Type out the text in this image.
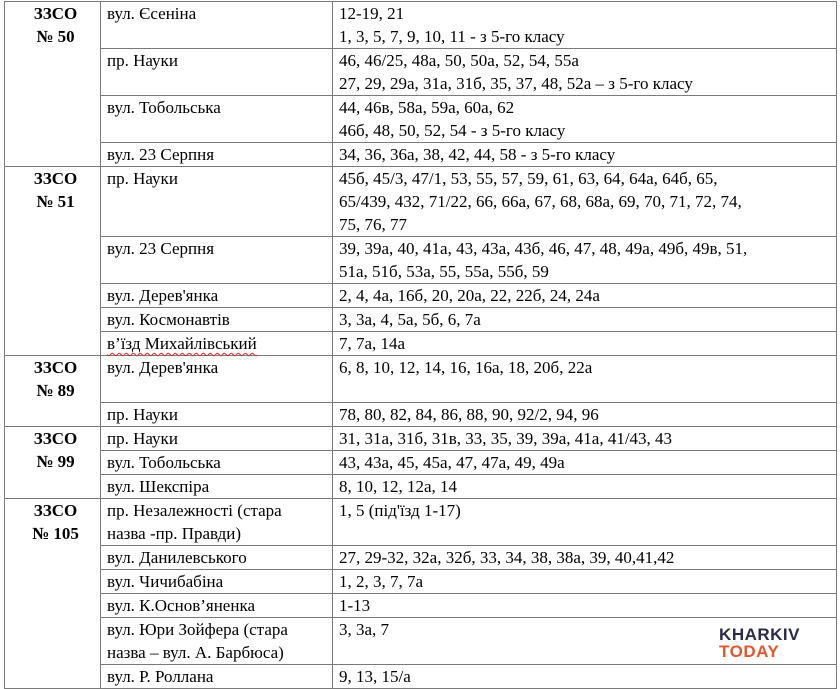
ЗЗСО
№ 50	вул. Єсеніна	12-19, 21
1, 3, 5, 7, 9, 10, 11 - з 5-го класу

	пр. Науки	46, 46/25, 48а, 50, 50а, 52, 54, 55а
27, 29, 29а, 31а, 31б, 35, 37, 48, 52а – з 5-го класу

	вул. Тобольська	44, 46в, 58а, 59а, 60а, 62
46б, 48, 50, 52, 54 - з 5-го класу

	вул. 23 Серпня	34, 36, 36а, 38, 42, 44, 58 - з 5-го класу

ЗЗСО
№ 51	пр. Науки	45б, 45/3, 47/1, 53, 55, 57, 59, 61, 63, 64, 64а, 64б, 65,
65/439, 432, 71/22, 66, 66а, 67, 68, 68а, 69, 70, 71, 72, 74,
75, 76, 77

	вул. 23 Серпня	39, 39а, 40, 41а, 43, 43а, 43б, 46, 47, 48, 49а, 49б, 49в, 51,
51а, 51б, 53а, 55, 55а, 55б, 59

	вул. Дерев'янка	2, 4, 4а, 16б, 20, 20а, 22, 22б, 24, 24а

	вул. Космонавтів	3, 3а, 4, 5а, 5б, 6, 7а

	в’їзд Михайлівський	7, 7а, 14а

ЗЗСО
№ 89	вул. Дерев'янка	6, 8, 10, 12, 14, 16, 16а, 18, 20б, 22а

	пр. Науки	78, 80, 82, 84, 86, 88, 90, 92/2, 94, 96

ЗЗСО
№ 99	пр. Науки	31, 31а, 31б, 31в, 33, 35, 39, 39а, 41а, 41/43, 43

	вул. Тобольська	43, 43а, 45, 45а, 47, 47а, 49, 49а

	вул. Шекспіра	8, 10, 12, 12а, 14

ЗЗСО
№ 105	пр. Незалежності (стара
назва -пр. Правди)	1, 5 (під'їзд 1-17)

	вул. Данилевського	27, 29-32, 32а, 32б, 33, 34, 38, 38а, 39, 40,41,42

	вул. Чичибабіна	1, 2, 3, 7, 7а

	вул. К.Основ’яненка	1-13

	вул. Юри Зойфера (стара
назва – вул. А. Барбюса)	3, 3а, 7

	вул. Р. Роллана	9, 13, 15/а
KHARKIV
TODAY
